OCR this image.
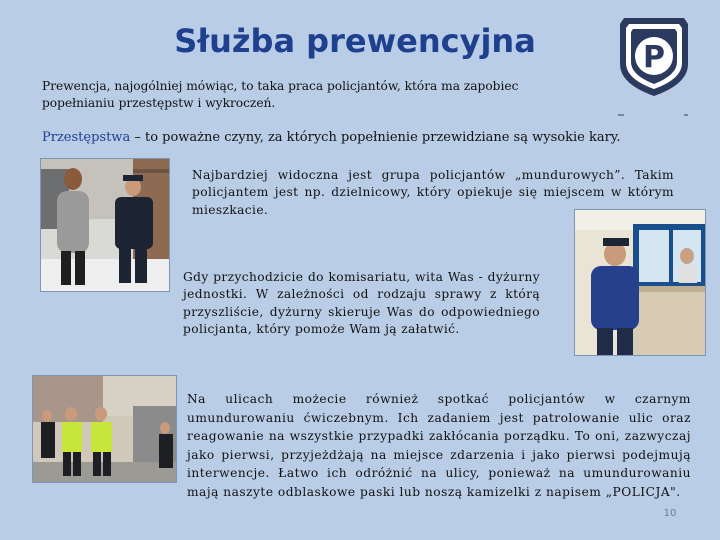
Służba prewencyjna	P

Prewencja, najogólniej mówiąc, to taka praca policjantów, która ma zapobiec popełnianiu przestępstw i wykroczeń.

Przestępstwa – to poważne czyny, za których popełnienie przewidziane są wysokie kary.

Najbardziej widoczna jest grupa policjantów „mundurowych”. Takim policjantem jest np. dzielnicowy, który opiekuje się miejscem w którym mieszkacie.

Gdy przychodzicie do komisariatu, wita Was - dyżurny jednostki. W zależności od rodzaju sprawy z którą przyszliście, dyżurny skieruje Was do odpowiedniego policjanta, który pomoże Wam ją załatwić.

Na ulicach możecie również spotkać policjantów w czarnym umundurowaniu ćwiczebnym. Ich zadaniem jest patrolowanie ulic oraz reagowanie na wszystkie przypadki zakłócania porządku. To oni, zazwyczaj jako pierwsi, przyjeżdżają na miejsce zdarzenia i jako pierwsi podejmują interwencje. Łatwo ich odróżnić na ulicy, ponieważ na umundurowaniu mają naszyte odblaskowe paski lub noszą kamizelki z napisem „POLICJA".

10
